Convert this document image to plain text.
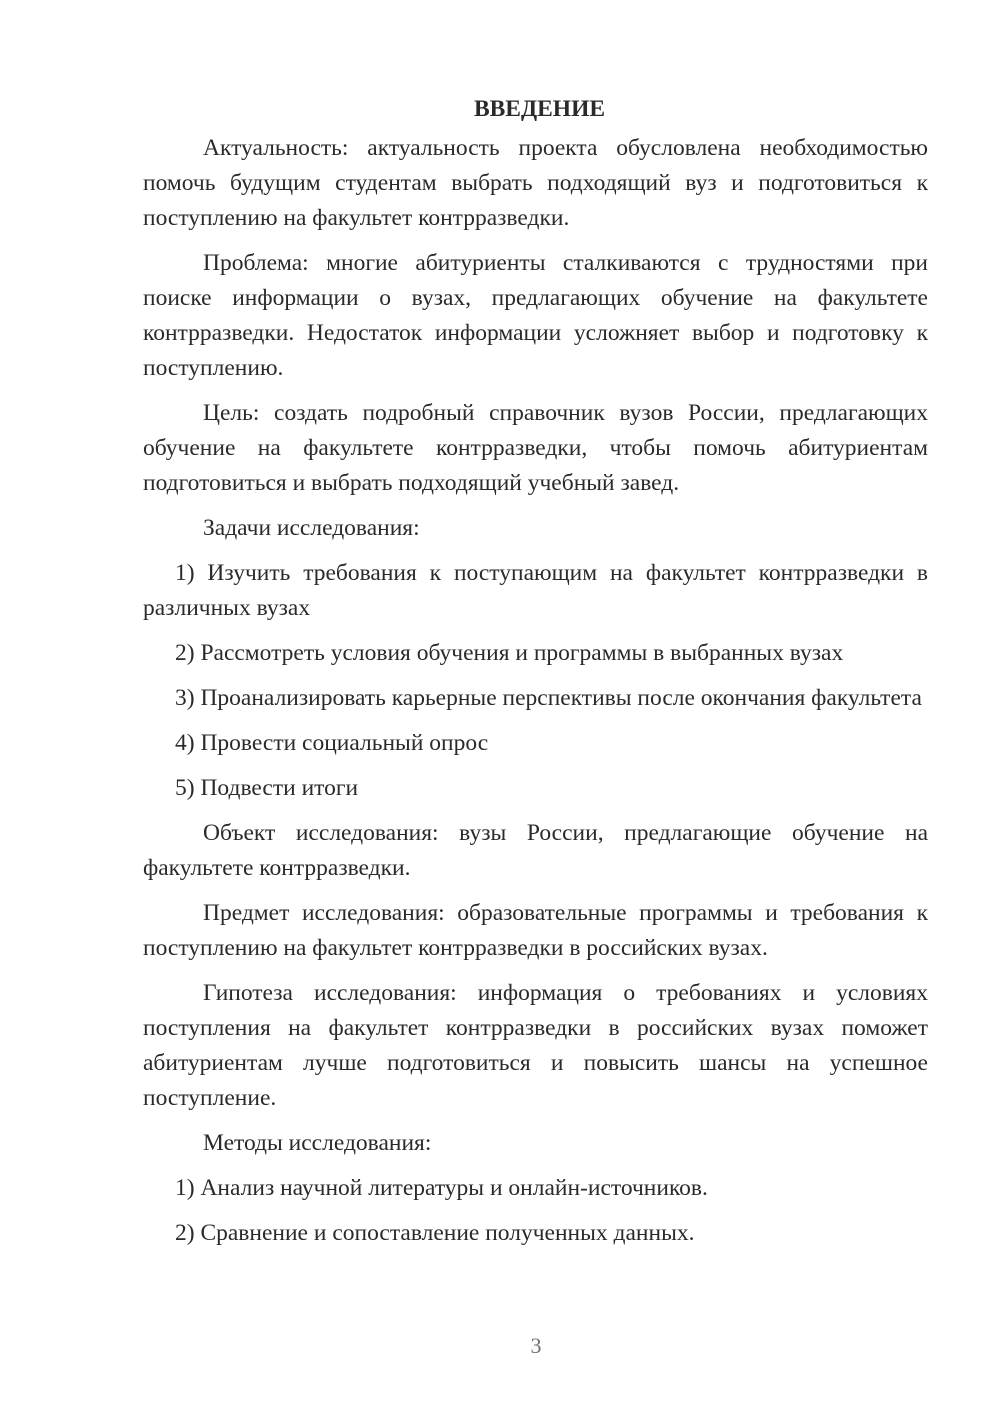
ВВЕДЕНИЕ

Актуальность: актуальность проекта обусловлена необходимостью помочь будущим студентам выбрать подходящий вуз и подготовиться к поступлению на факультет контрразведки.

Проблема: многие абитуриенты сталкиваются с трудностями при поиске информации о вузах, предлагающих обучение на факультете контрразведки. Недостаток информации усложняет выбор и подготовку к поступлению.

Цель: создать подробный справочник вузов России, предлагающих обучение на факультете контрразведки, чтобы помочь абитуриентам подготовиться и выбрать подходящий учебный завед.

Задачи исследования:

1) Изучить требования к поступающим на факультет контрразведки в различных вузах

2) Рассмотреть условия обучения и программы в выбранных вузах

3) Проанализировать карьерные перспективы после окончания факультета

4) Провести социальный опрос

5) Подвести итоги

Объект исследования: вузы России, предлагающие обучение на факультете контрразведки.

Предмет исследования: образовательные программы и требования к поступлению на факультет контрразведки в российских вузах.

Гипотеза исследования: информация о требованиях и условиях поступления на факультет контрразведки в российских вузах поможет абитуриентам лучше подготовиться и повысить шансы на успешное поступление.

Методы исследования:

1) Анализ научной литературы и онлайн-источников.

2) Сравнение и сопоставление полученных данных.

3
